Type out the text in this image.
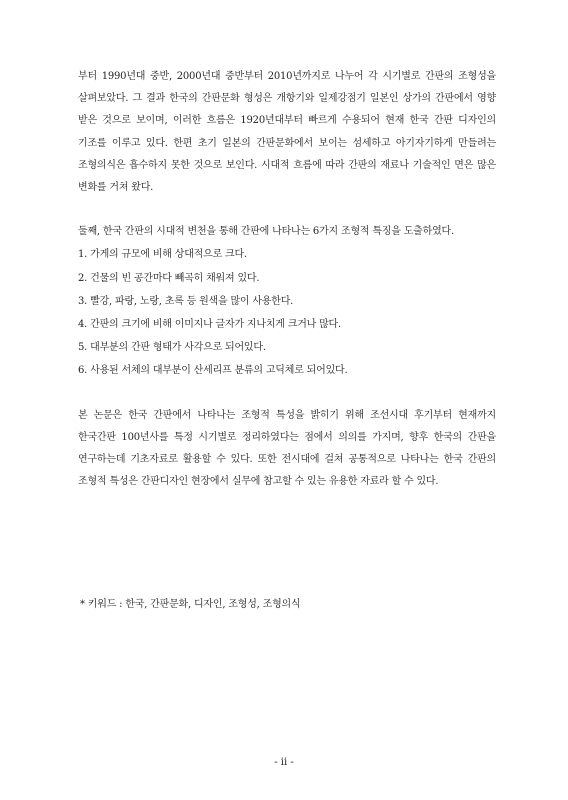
부터 1990년대 중반, 2000년대 중반부터 2010년까지로 나누어 각 시기별로 간판의 조형성을 살펴보았다. 그 결과 한국의 간판문화 형성은 개항기와 일제강점기 일본인 상가의 간판에서 영향 받은 것으로 보이며, 이러한 흐름은 1920년대부터 빠르게 수용되어 현재 한국 간판 디자인의 기조를 이루고 있다. 한편 초기 일본의 간판문화에서 보이는 섬세하고 아기자기하게 만들려는 조형의식은 흡수하지 못한 것으로 보인다. 시대적 흐름에 따라 간판의 재료나 기술적인 면은 많은 변화를 거쳐 왔다.

둘째, 한국 간판의 시대적 변천을 통해 간판에 나타나는 6가지 조형적 특징을 도출하였다.

1. 가게의 규모에 비해 상대적으로 크다.
2. 건물의 빈 공간마다 빼곡히 채워져 있다.
3. 빨강, 파랑, 노랑, 초록 등 원색을 많이 사용한다.
4. 간판의 크기에 비해 이미지나 글자가 지나치게 크거나 많다.
5. 대부분의 간판 형태가 사각으로 되어있다.
6. 사용된 서체의 대부분이 산세리프 분류의 고딕체로 되어있다.

본 논문은 한국 간판에서 나타나는 조형적 특성을 밝히기 위해 조선시대 후기부터 현재까지 한국간판 100년사를 특정 시기별로 정리하였다는 점에서 의의를 가지며, 향후 한국의 간판을 연구하는데 기초자료로 활용할 수 있다. 또한 전시대에 걸쳐 공통적으로 나타나는 한국 간판의 조형적 특성은 간판디자인 현장에서 실무에 참고할 수 있는 유용한 자료라 할 수 있다.

* 키워드 : 한국, 간판문화, 디자인, 조형성, 조형의식
- ii -
